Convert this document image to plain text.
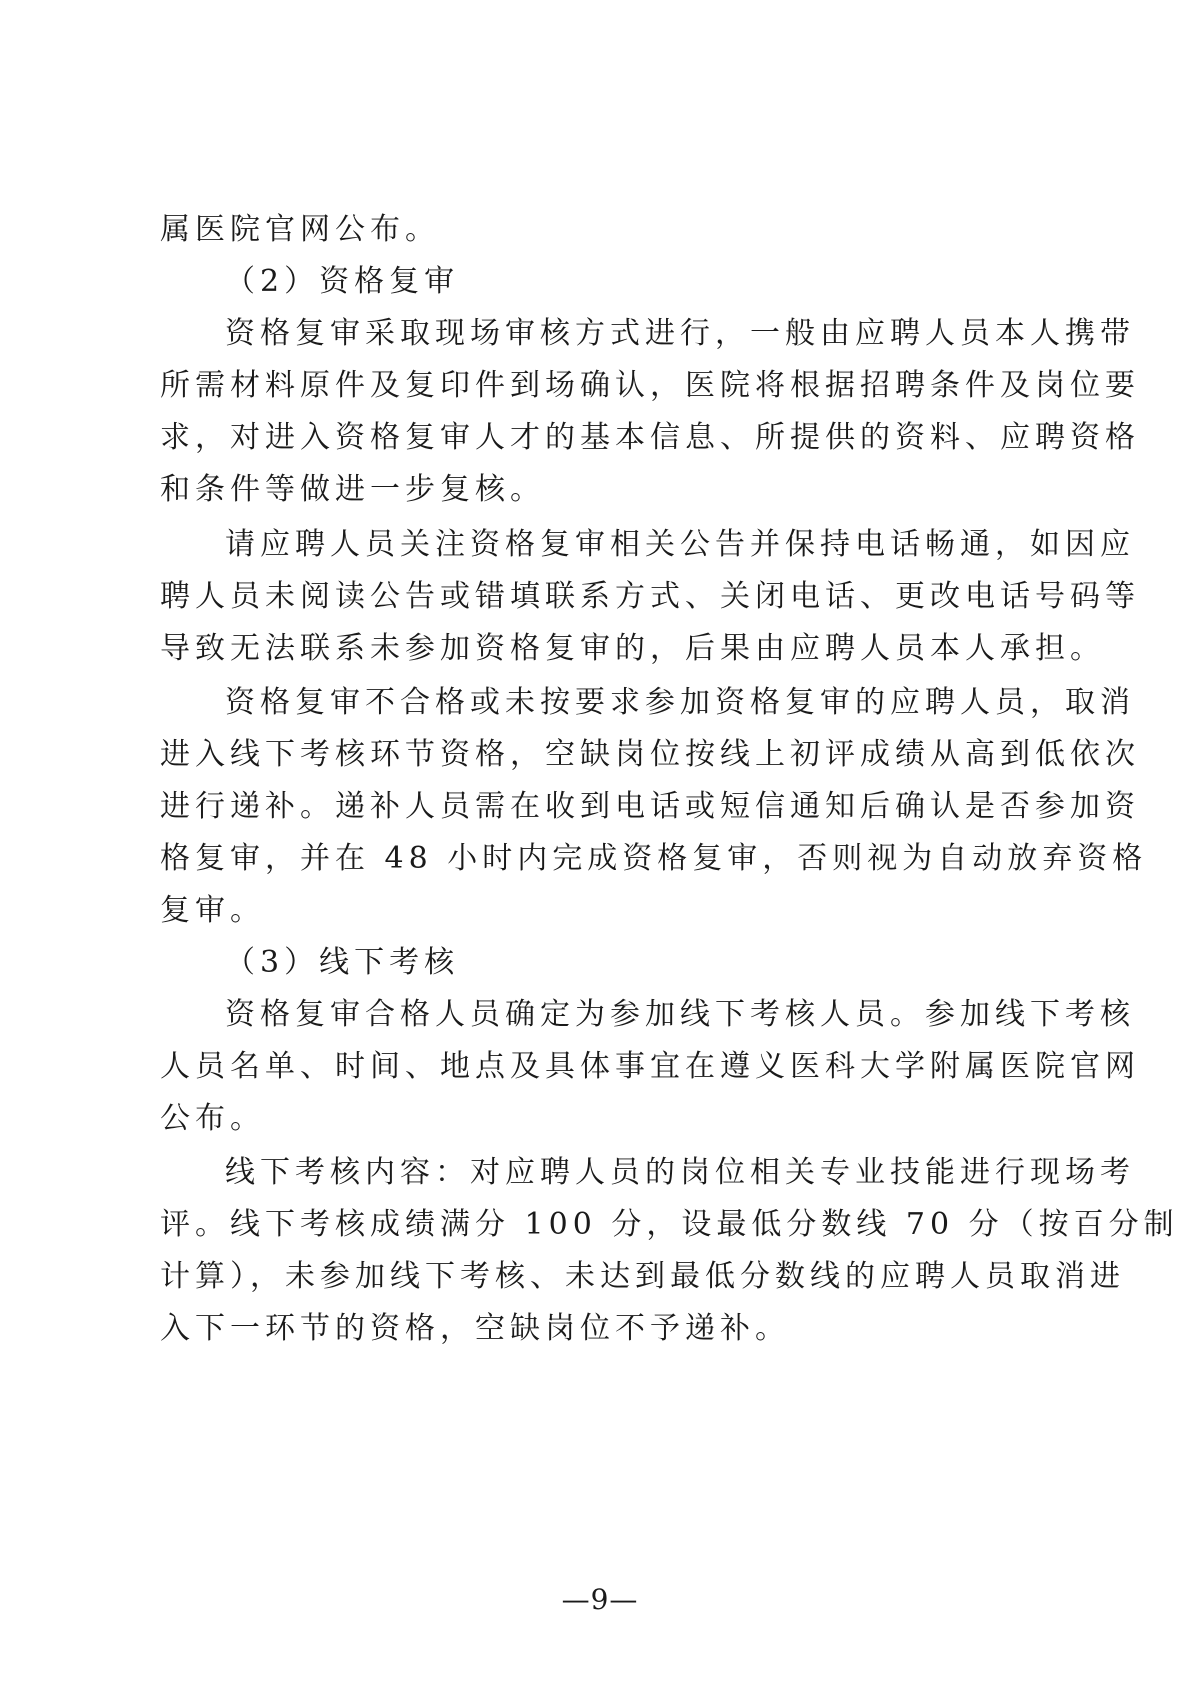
属医院官网公布。
（2）资格复审
资格复审采取现场审核方式进行，一般由应聘人员本人携带
所需材料原件及复印件到场确认，医院将根据招聘条件及岗位要
求，对进入资格复审人才的基本信息、所提供的资料、应聘资格
和条件等做进一步复核。
请应聘人员关注资格复审相关公告并保持电话畅通，如因应
聘人员未阅读公告或错填联系方式、关闭电话、更改电话号码等
导致无法联系未参加资格复审的，后果由应聘人员本人承担。
资格复审不合格或未按要求参加资格复审的应聘人员，取消
进入线下考核环节资格，空缺岗位按线上初评成绩从高到低依次
进行递补。递补人员需在收到电话或短信通知后确认是否参加资
格复审，并在 48 小时内完成资格复审，否则视为自动放弃资格
复审。
（3）线下考核
资格复审合格人员确定为参加线下考核人员。参加线下考核
人员名单、时间、地点及具体事宜在遵义医科大学附属医院官网
公布。
线下考核内容：对应聘人员的岗位相关专业技能进行现场考
评。线下考核成绩满分 100 分，设最低分数线 70 分（按百分制
计算），未参加线下考核、未达到最低分数线的应聘人员取消进
入下一环节的资格，空缺岗位不予递补。
—9—
